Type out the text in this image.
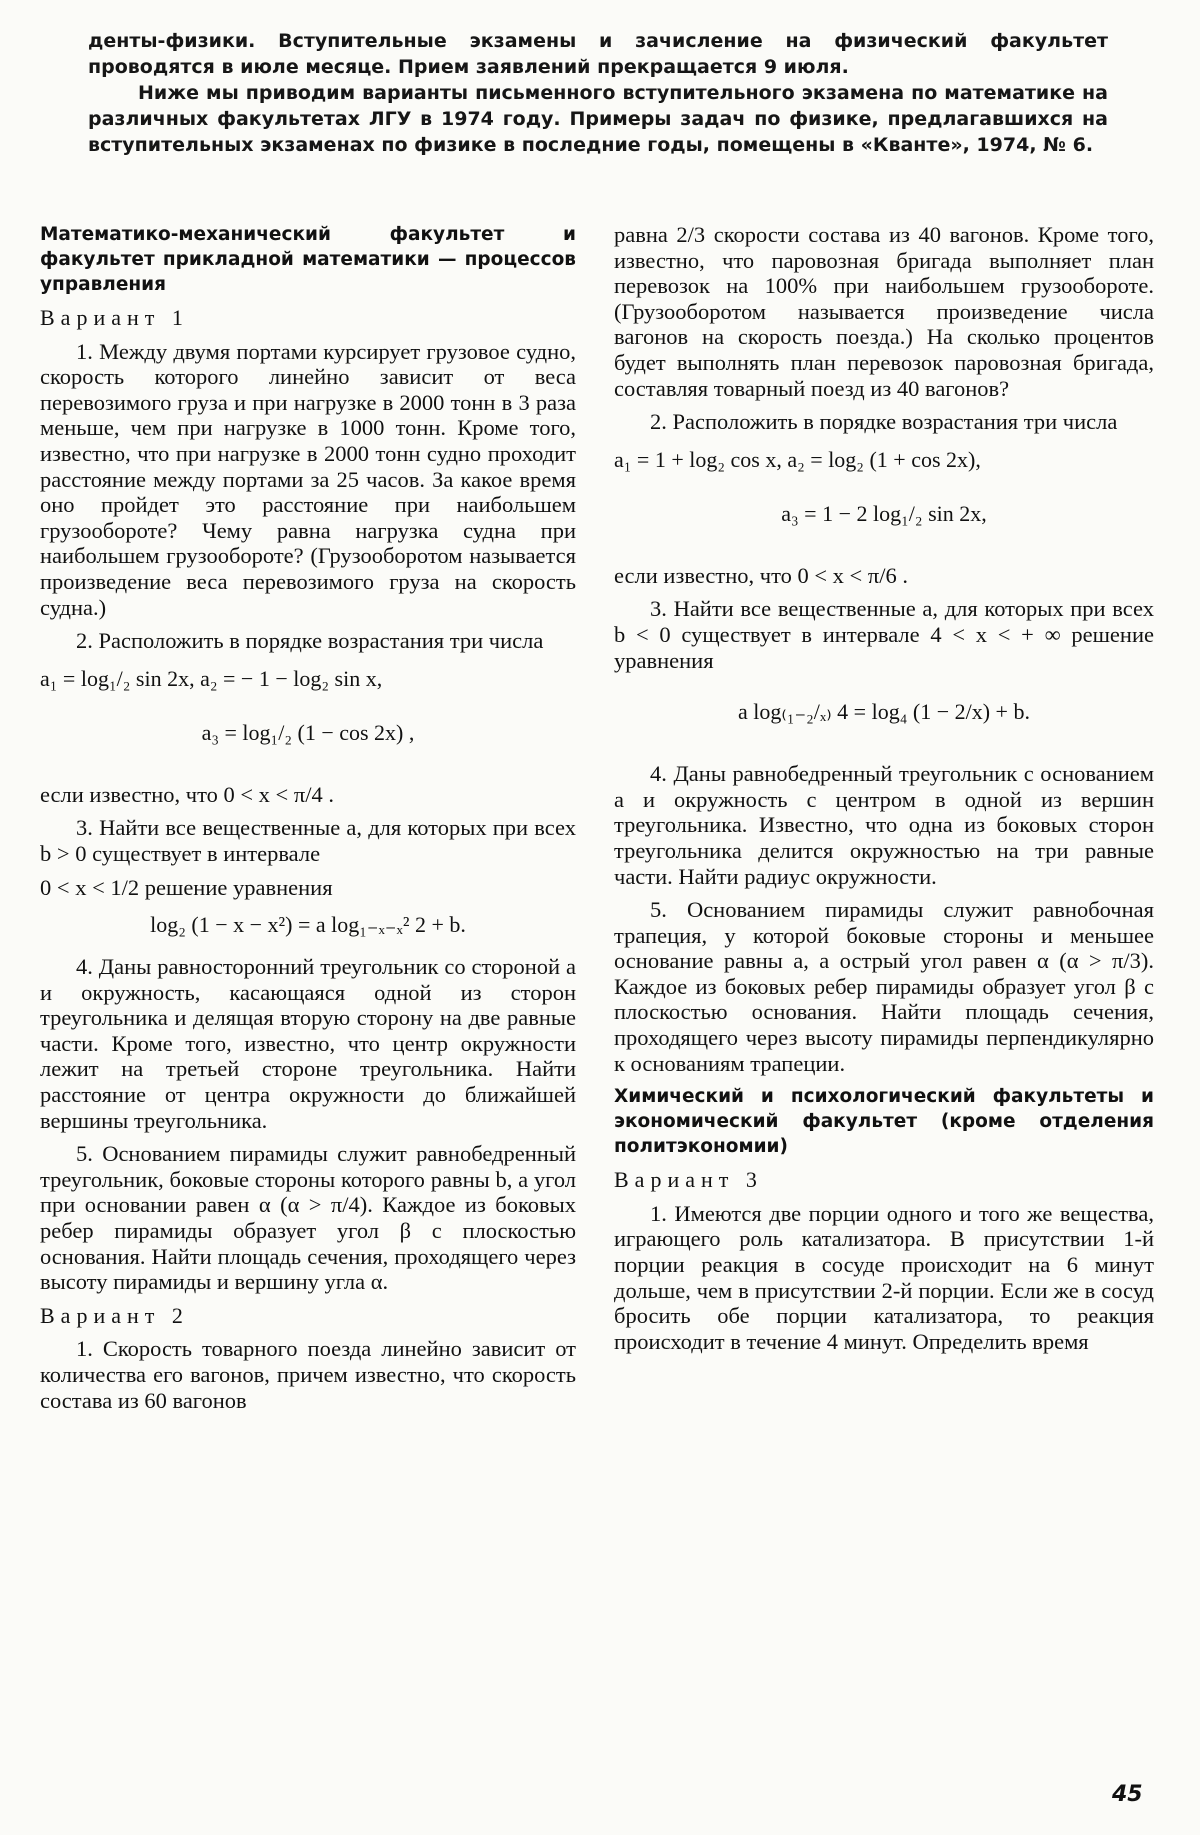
денты-физики. Вступительные экзамены и зачисление на физический факультет проводятся в июле месяце. Прием заявлений прекращается 9 июля.

Ниже мы приводим варианты письменного вступительного экзамена по математике на различных факультетах ЛГУ в 1974 году. Примеры задач по физике, предлагавшихся на вступительных экзаменах по физике в последние годы, помещены в «Кванте», 1974, № 6.

Математико-механический факультет и факультет прикладной математики — процессов управления

Вариант 1

1. Между двумя портами курсирует грузовое судно, скорость которого линейно зависит от веса перевозимого груза и при нагрузке в 2000 тонн в 3 раза меньше, чем при нагрузке в 1000 тонн. Кроме того, известно, что при нагрузке в 2000 тонн судно проходит расстояние между портами за 25 часов. За какое время оно пройдет это расстояние при наибольшем грузообороте? Чему равна нагрузка судна при наибольшем грузообороте? (Грузооборотом называется произведение веса перевозимого груза на скорость судна.)

2. Расположить в порядке возрастания три числа

a₁ = log₁/₂ sin 2x, a₂ = − 1 − log₂ sin x,
a₃ = log₁/₂ (1 − cos 2x) ,

если известно, что 0 < x < π/4 .

3. Найти все вещественные a, для которых при всех b > 0 существует в интервале

0 < x < 1/2 решение уравнения

log₂ (1 − x − x²) = a log₁₋ₓ₋ₓ² 2 + b.

4. Даны равносторонний треугольник со стороной a и окружность, касающаяся одной из сторон треугольника и делящая вторую сторону на две равные части. Кроме того, известно, что центр окружности лежит на третьей стороне треугольника. Найти расстояние от центра окружности до ближайшей вершины треугольника.

5. Основанием пирамиды служит равнобедренный треугольник, боковые стороны которого равны b, а угол при основании равен α (α > π/4). Каждое из боковых ребер пирамиды образует угол β с плоскостью основания. Найти площадь сечения, проходящего через высоту пирамиды и вершину угла α.

Вариант 2

1. Скорость товарного поезда линейно зависит от количества его вагонов, причем известно, что скорость состава из 60 вагонов

равна 2/3 скорости состава из 40 вагонов. Кроме того, известно, что паровозная бригада выполняет план перевозок на 100% при наибольшем грузообороте. (Грузооборотом называется произведение числа вагонов на скорость поезда.) На сколько процентов будет выполнять план перевозок паровозная бригада, составляя товарный поезд из 40 вагонов?

2. Расположить в порядке возрастания три числа

a₁ = 1 + log₂ cos x, a₂ = log₂ (1 + cos 2x),
a₃ = 1 − 2 log₁/₂ sin 2x,

если известно, что 0 < x < π/6 .

3. Найти все вещественные a, для которых при всех b < 0 существует в интервале 4 < x < + ∞ решение уравнения

a log₍₁₋₂/ₓ₎ 4 = log₄ (1 − 2/x) + b.

4. Даны равнобедренный треугольник с основанием a и окружность с центром в одной из вершин треугольника. Известно, что одна из боковых сторон треугольника делится окружностью на три равные части. Найти радиус окружности.

5. Основанием пирамиды служит равнобочная трапеция, у которой боковые стороны и меньшее основание равны a, а острый угол равен α (α > π/3). Каждое из боковых ребер пирамиды образует угол β с плоскостью основания. Найти площадь сечения, проходящего через высоту пирамиды перпендикулярно к основаниям трапеции.

Химический и психологический факультеты и экономический факультет (кроме отделения политэкономии)

Вариант 3

1. Имеются две порции одного и того же вещества, играющего роль катализатора. В присутствии 1-й порции реакция в сосуде происходит на 6 минут дольше, чем в присутствии 2-й порции. Если же в сосуд бросить обе порции катализатора, то реакция происходит в течение 4 минут. Определить время

45
